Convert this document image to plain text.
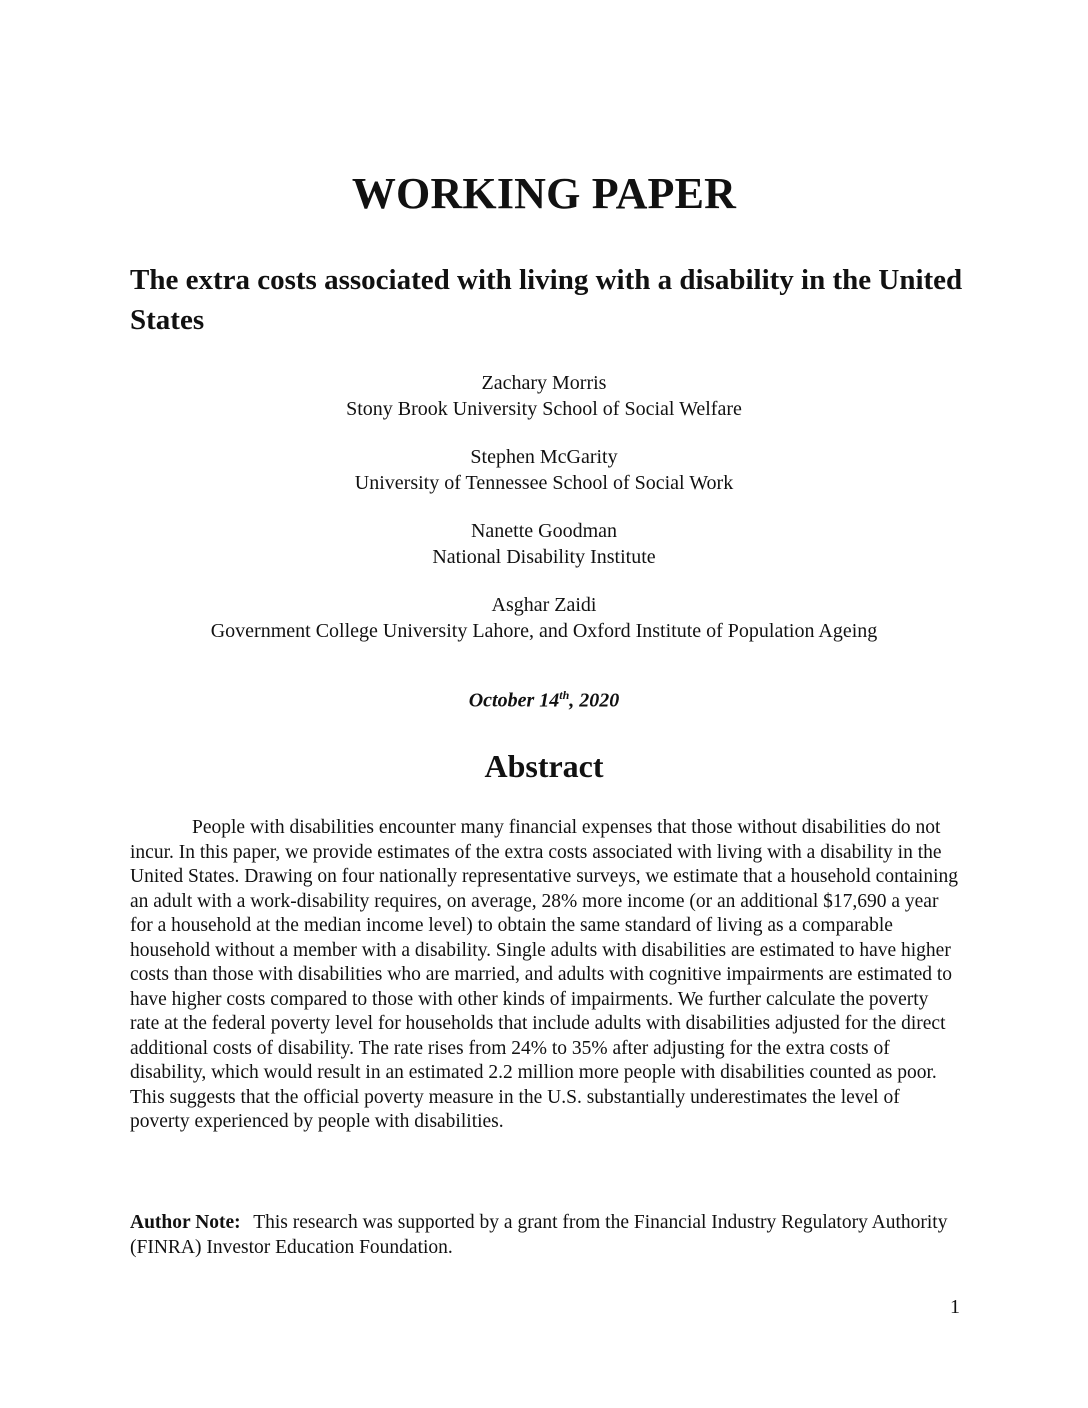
WORKING PAPER
The extra costs associated with living with a disability in the United States
Zachary Morris
Stony Brook University School of Social Welfare
Stephen McGarity
University of Tennessee School of Social Work
Nanette Goodman
National Disability Institute
Asghar Zaidi
Government College University Lahore, and Oxford Institute of Population Ageing
October 14th, 2020
Abstract

People with disabilities encounter many financial expenses that those without disabilities do not incur. In this paper, we provide estimates of the extra costs associated with living with a disability in the United States. Drawing on four nationally representative surveys, we estimate that a household containing an adult with a work-disability requires, on average, 28% more income (or an additional $17,690 a year for a household at the median income level) to obtain the same standard of living as a comparable household without a member with a disability. Single adults with disabilities are estimated to have higher costs than those with disabilities who are married, and adults with cognitive impairments are estimated to have higher costs compared to those with other kinds of impairments. We further calculate the poverty rate at the federal poverty level for households that include adults with disabilities adjusted for the direct additional costs of disability. The rate rises from 24% to 35% after adjusting for the extra costs of disability, which would result in an estimated 2.2 million more people with disabilities counted as poor. This suggests that the official poverty measure in the U.S. substantially underestimates the level of poverty experienced by people with disabilities.

Author Note: This research was supported by a grant from the Financial Industry Regulatory Authority (FINRA) Investor Education Foundation.

1
